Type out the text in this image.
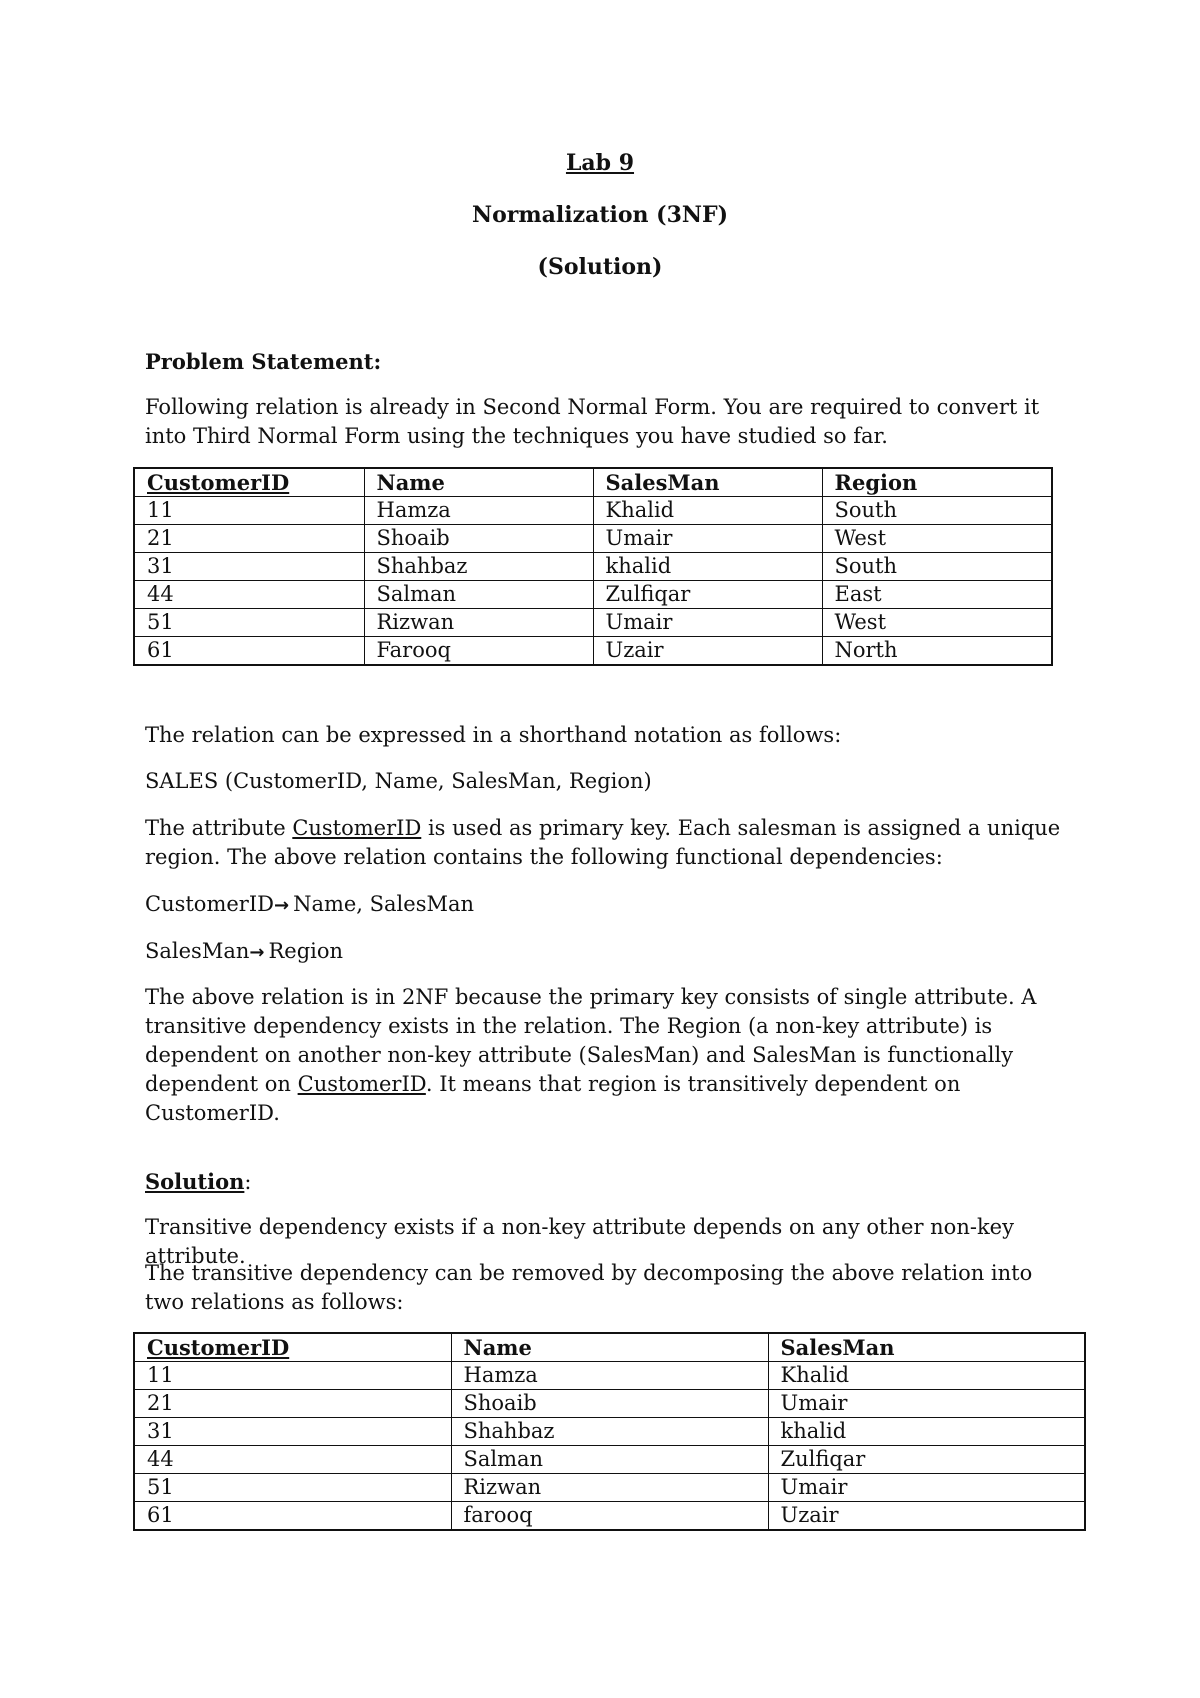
Lab 9
Normalization (3NF)
(Solution)
Problem Statement:
Following relation is already in Second Normal Form. You are required to convert it into Third Normal Form using the techniques you have studied so far.
CustomerID	Name	SalesMan	Region
11	Hamza	Khalid	South
21	Shoaib	Umair	West
31	Shahbaz	khalid	South
44	Salman	Zulfiqar	East
51	Rizwan	Umair	West
61	Farooq	Uzair	North
The relation can be expressed in a shorthand notation as follows:
SALES (CustomerID, Name, SalesMan, Region)
The attribute CustomerID is used as primary key. Each salesman is assigned a unique region. The above relation contains the following functional dependencies:
CustomerID→ Name, SalesMan
SalesMan→ Region
The above relation is in 2NF because the primary key consists of single attribute. A transitive dependency exists in the relation. The Region (a non-key attribute) is dependent on another non-key attribute (SalesMan) and SalesMan is functionally dependent on CustomerID. It means that region is transitively dependent on CustomerID.
Solution:
Transitive dependency exists if a non-key attribute depends on any other non-key attribute.
The transitive dependency can be removed by decomposing the above relation into two relations as follows:
CustomerID	Name	SalesMan
11	Hamza	Khalid
21	Shoaib	Umair
31	Shahbaz	khalid
44	Salman	Zulfiqar
51	Rizwan	Umair
61	farooq	Uzair
